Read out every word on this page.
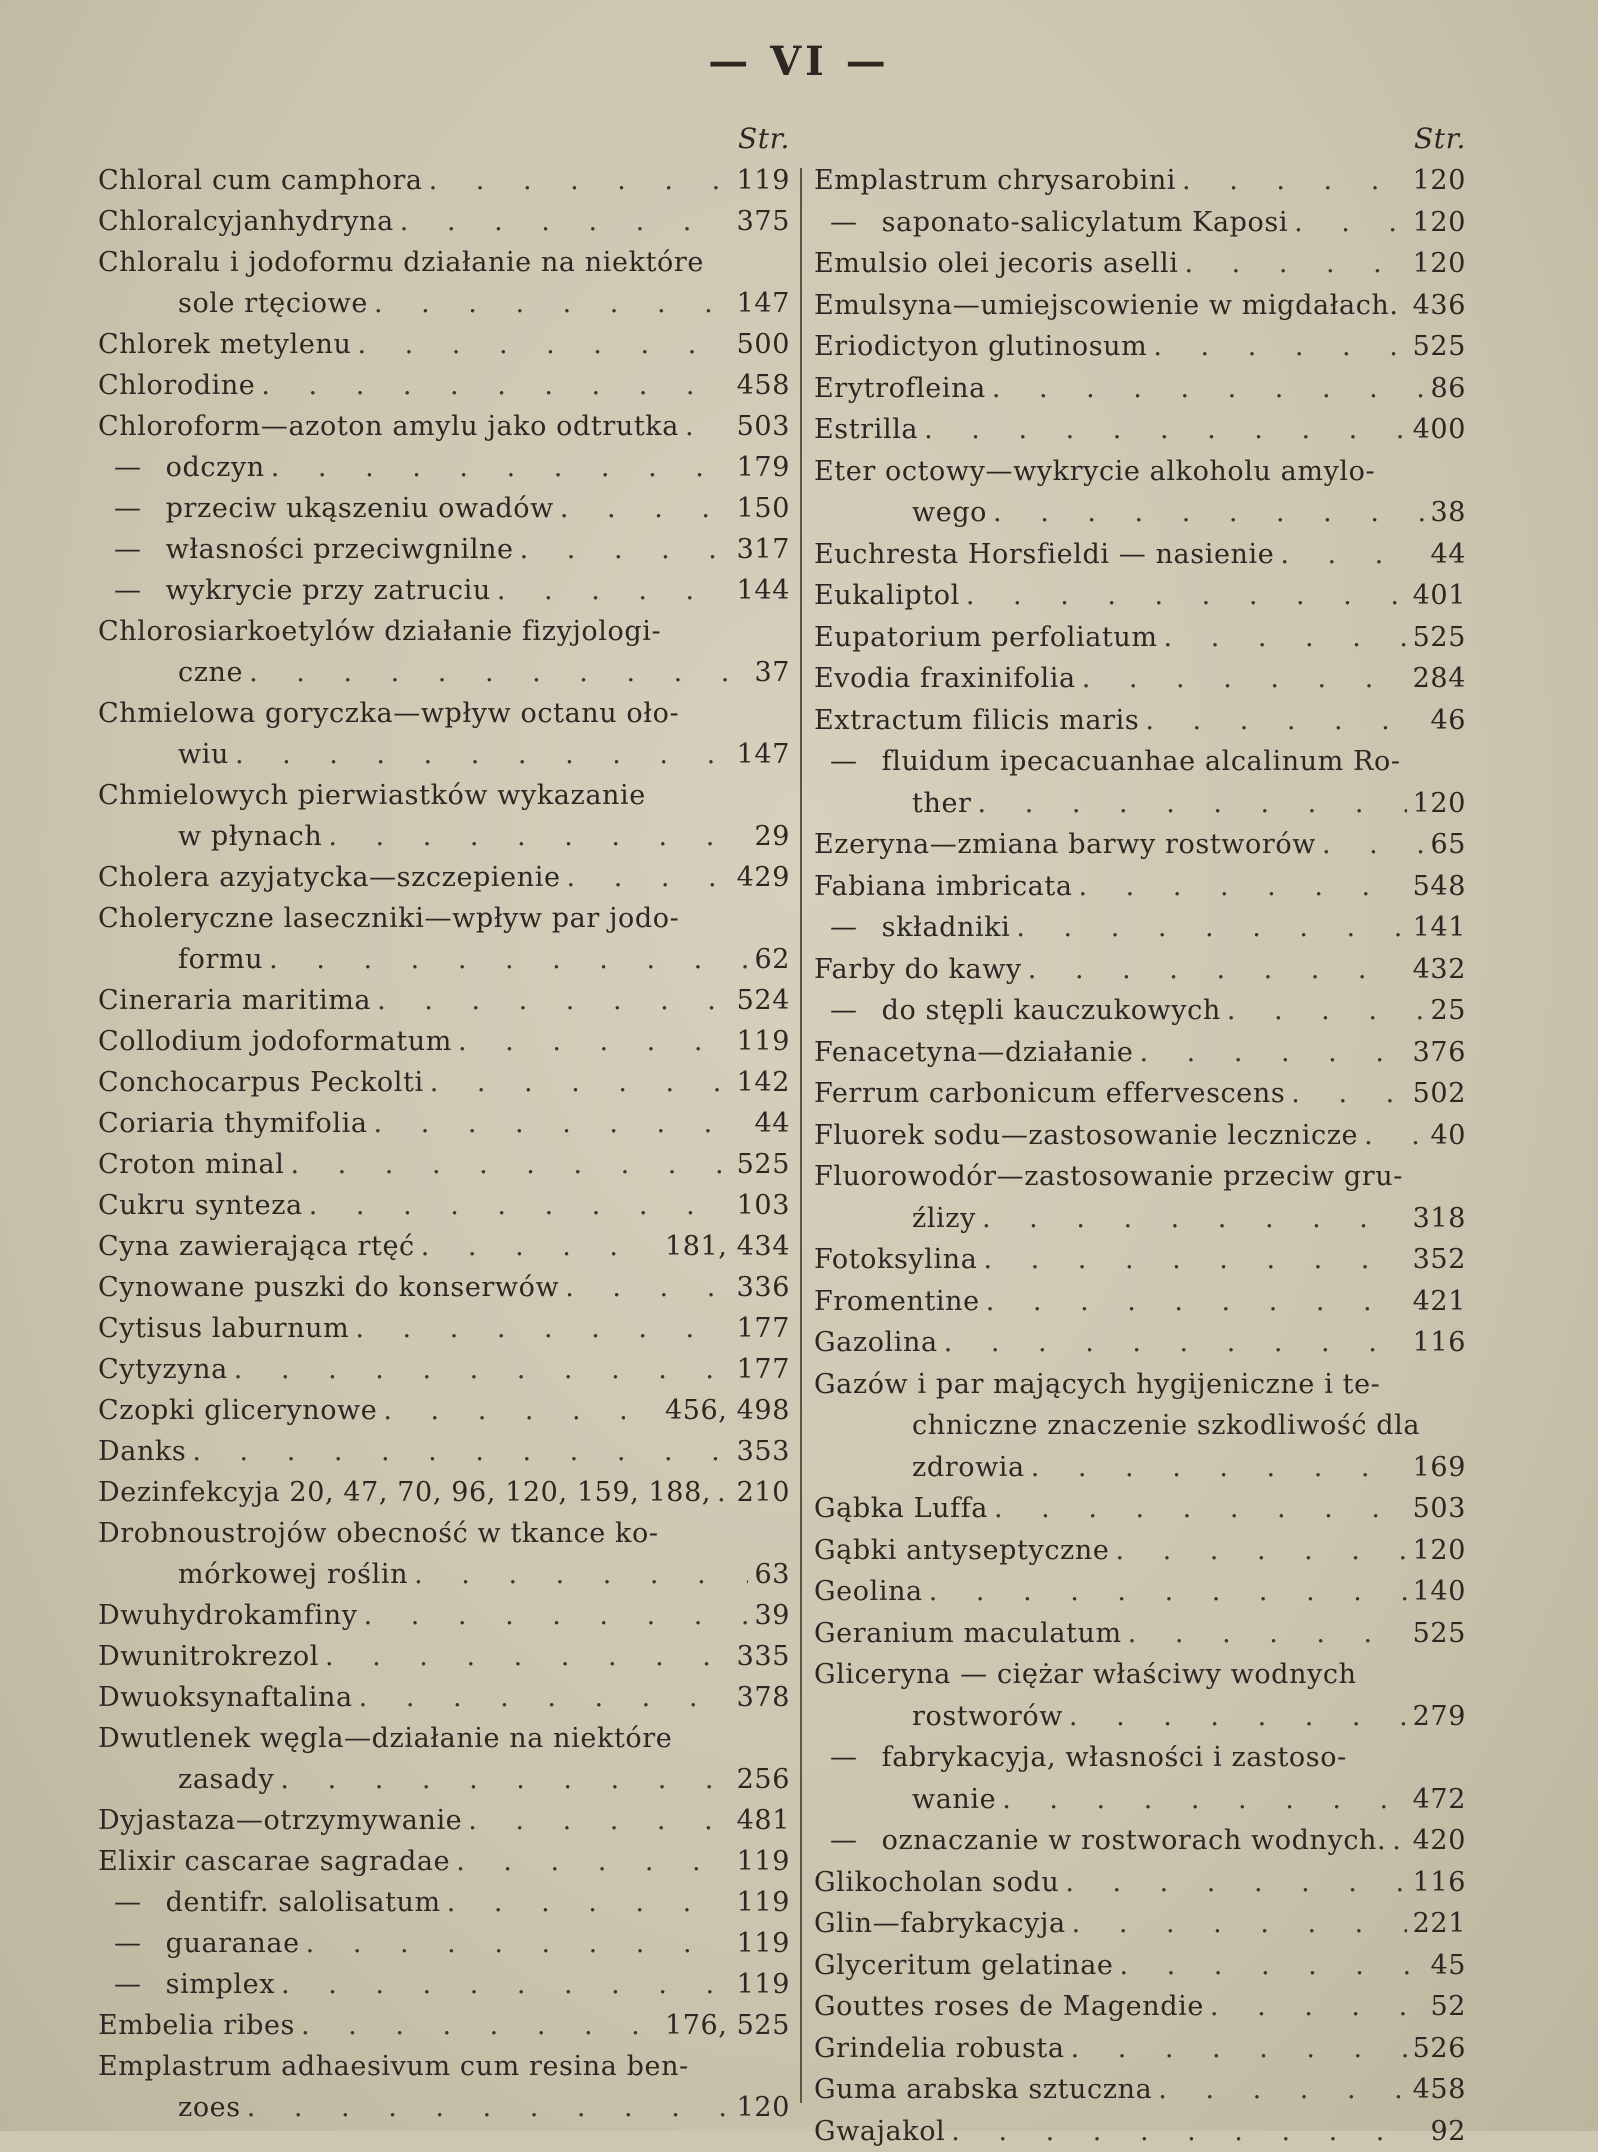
— VI —
Str.
Chloral cum camphora . . .	119
Chloralcyjanhydryna . . .	375
Chloralu i jodoformu działanie na niektóre
sole rtęciowe . . .	147
Chlorek metylenu . . .	500
Chlorodine . . .	458
Chloroform—azoton amylu jako odtrutka . . . 503
— odczyn . . .	179
— przeciw ukąszeniu owadów . . .	150
— własności przeciwgnilne . . .	317
— wykrycie przy zatruciu . . .	144
Chlorosiarkoetylów działanie fizyjologi-
czne . . .	37
Chmielowa goryczka—wpływ octanu oło-
wiu . . .	147
Chmielowych pierwiastków wykazanie
w płynach . . .	29
Cholera azyjatycka—szczepienie . . .	429
Choleryczne laseczniki—wpływ par jodo-
formu . . .	62
Cineraria maritima . . .	524
Collodium jodoformatum . . .	119
Conchocarpus Peckolti . . .	142
Coriaria thymifolia . . .	44
Croton minal . . .	525
Cukru synteza . . .	103
Cyna zawierająca rtęć . . .	181, 434
Cynowane puszki do konserwów . . .	336
Cytisus laburnum . . .	177
Cytyzyna . . .	177
Czopki glicerynowe . . .	456, 498
Danks . . .	353
Dezinfekcyja 20, 47, 70, 96, 120, 159, 188, . . . 210
Drobnoustrojów obecność w tkance ko-
mórkowej roślin . . .	63
Dwuhydrokamfiny . . .	39
Dwunitrokrezol . . .	335
Dwuoksynaftalina . . .	378
Dwutlenek węgla—działanie na niektóre
zasady . . .	256
Dyjastaza—otrzymywanie . . .	481
Elixir cascarae sagradae . . .	119
— dentifr. salolisatum . . .	119
— guaranae . . .	119
— simplex . . .	119
Embelia ribes . . .	176, 525
Emplastrum adhaesivum cum resina ben-
zoes . . .	120
Str.
Emplastrum chrysarobini . . .	120
— saponato-salicylatum Kaposi . . .	120
Emulsio olei jecoris aselli . . .	120
Emulsyna—umiejscowienie w migdałach. . . . 436
Eriodictyon glutinosum . . .	525
Erytrofleina . . .	86
Estrilla . . .	400
Eter octowy—wykrycie alkoholu amylo-
wego . . .	38
Euchresta Horsfieldi — nasienie . . .	44
Eukaliptol . . .	401
Eupatorium perfoliatum . . .	525
Evodia fraxinifolia . . .	284
Extractum filicis maris . . .	46
— fluidum ipecacuanhae alcalinum Ro-
ther . . .	120
Ezeryna—zmiana barwy rostworów . . .	65
Fabiana imbricata . . .	548
— składniki . . .	141
Farby do kawy . . .	432
— do stępli kauczukowych . . .	25
Fenacetyna—działanie . . .	376
Ferrum carbonicum effervescens . . .	502
Fluorek sodu—zastosowanie lecznicze . . .	40
Fluorowodór—zastosowanie przeciw gru-
źlizy . . .	318
Fotoksylina . . .	352
Fromentine . . .	421
Gazolina . . .	116
Gazów i par mających hygijeniczne i te-
chniczne znaczenie szkodliwość dla
zdrowia . . .	169
Gąbka Luffa . . .	503
Gąbki antyseptyczne . . .	120
Geolina . . .	140
Geranium maculatum . . .	525
Gliceryna — ciężar właściwy wodnych
rostworów . . .	279
— fabrykacyja, własności i zastoso-
wanie . . .	472
— oznaczanie w rostworach wodnych. . . . 420
Glikocholan sodu . . .	116
Glin—fabrykacyja . . .	221
Glyceritum gelatinae . . .	45
Gouttes roses de Magendie . . .	52
Grindelia robusta . . .	526
Guma arabska sztuczna . . .	458
Gwajakol . . .	92
